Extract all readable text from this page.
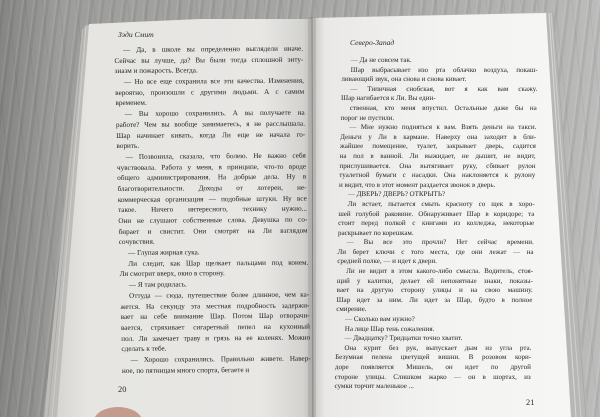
Зэди Смит
Северо-Запад
— Да, в школе вы определенно выглядели иначе.
Сейчас вы лучше, да? Вы были тогда сплошной энту-
зиазм и пожарость. Всегда.
— Но все еще сохранила все эти качества. Изменения,
вероятно, произошли с другими людьми. А с самим
временем.
— Вы хорошо сохранились. А вы получаете на
работе? Чем вы вообще занимаетесь, я не расслышала.
Шар начинает кивать, когда Ли еще не начала го-
ворить.
— Позвонила, сказала, что болею. Не важно себя
чувствовала. Работа у меня, в принципе, что-то вроде
общего администрирования. На добрые дела. Ну в
благотворительности. Доходы от лотереи, не-
коммерческая организация — подобные штуки. Ну все
такое. Ничего интересного, технику нужно...
Они не слушают собственные слова. Девушка по со-
бирает и свистит. Они смотрят на Ли взглядом
сочувствия.
— Глупая жирная сука.
Ли следит, как Шар щелкает пальцами под конем.
Ли смотрит вверх, окно в сторону.
— Я там родилась.
Оттуда — сюда, путешествие более длинное, чем ка-
жется. На секунду эта местная подробность задержи-
вает на себе внимание Шар. Потом Шар отворачи-
вается, стряхивает сигаретный пепел на кухонный
пол. Ли замечает траву и грязь на ее коленях. Можно
сделать к тебе.
— Хорошо сохранились. Правильно живете. Навер-
ное, по пятницам много спорта, бегаете и
— Да не совсем так.
Шар выбрасывает изо рта облачко воздуха, покаш-
ливающий звук, она снова и снова кивает.
— Типичная снобская, вот я как вам скажу.
Шар нагибается к Ли. Вы един-
ственная, кто меня впустил. Остальные даже бы на
порог не пустили.
— Мне нужно подняться к вам. Взять деньги на такси.
Деньги у Ли в кармане. Наверху она заходит в бли-
жайшее помещение, туалет, закрывает дверь, садится
на пол в ванной. Ли выжидает, не дышит, не видит,
прислушивается. Она вытягивает руку, сбивает рулон
туалетной бумаги с насадки. Она наклоняется к рулону
и видит, что в этот момент раздается звонок в дверь.
— ДВЕРЬ? ДВЕРЬ? ОТКРЫТЬ?
Ли встает, пытается смыть красноту со щек в хоро-
шей голубой раковине. Обнаруживает Шар в коридоре; та
стоит перед полкой с книгами из колледжа, некоторые
раскрывает по корешкам.
— Вы все это прочли? Нет сейчас времени.
Ли берет ключи с того места, где они лежат — на
средней полке, — и идет к двери.
Ли не видит в этом какого-либо смысла. Водитель, стоя-
щий у калитки, делает ей непонятные знаки, показы-
вает на другую сторону улицы и на свою машину.
Шар идет за ним. Ли идет за Шар, будто в полное
смирение.
— Сколько вам нужно?
На лице Шар тень сожаления.
— Двадцатку? Тридцатки точно хватит.
Она курит без рук, выпускает дым из угла рта.
Безумная пелена цветущей вишни. В розовом кори-
доре появляется Мишель, он идет по другой
стороне улицы. Слишком жарко — он в шортах, из
сумки торчит маленькое ...
20
21
